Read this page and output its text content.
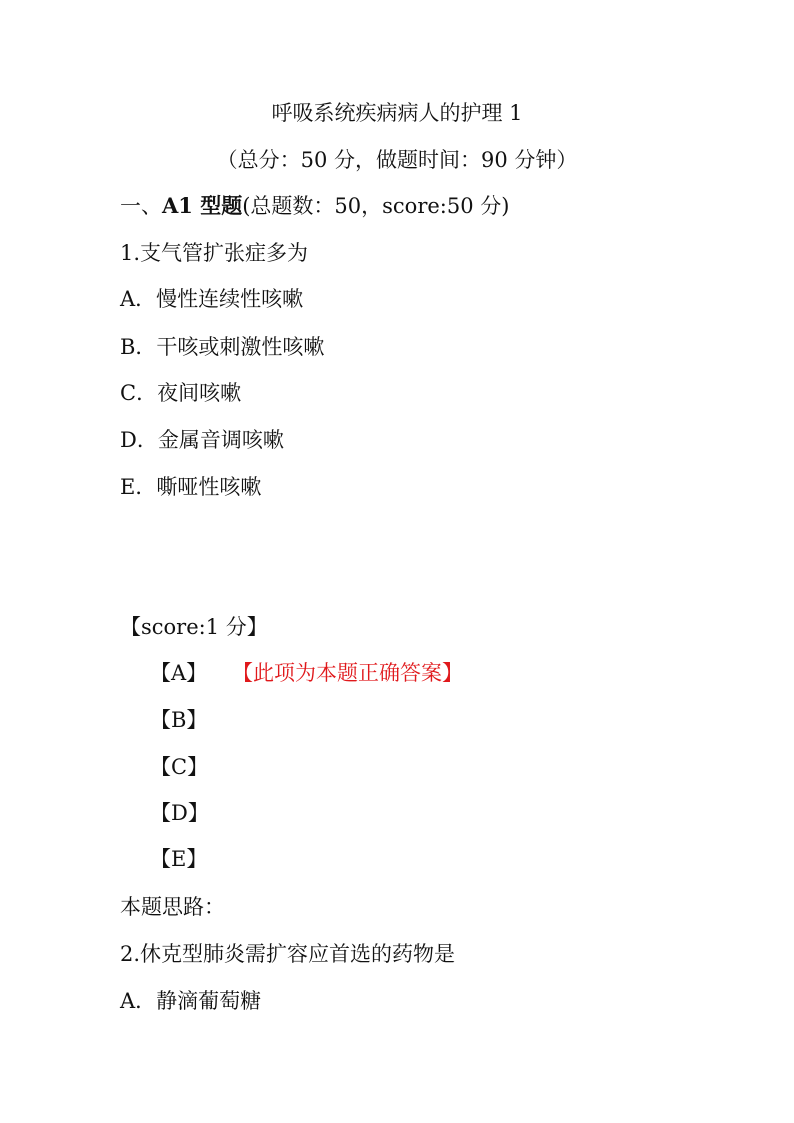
呼吸系统疾病病人的护理 1
（总分：50 分，做题时间：90 分钟）
一、A1 型题(总题数：50，score:50 分)
1.支气管扩张症多为
A．慢性连续性咳嗽
B．干咳或刺激性咳嗽
C．夜间咳嗽
D．金属音调咳嗽
E．嘶哑性咳嗽
【score:1 分】
【A】 【此项为本题正确答案】
【B】
【C】
【D】
【E】
本题思路：
2.休克型肺炎需扩容应首选的药物是
A．静滴葡萄糖
